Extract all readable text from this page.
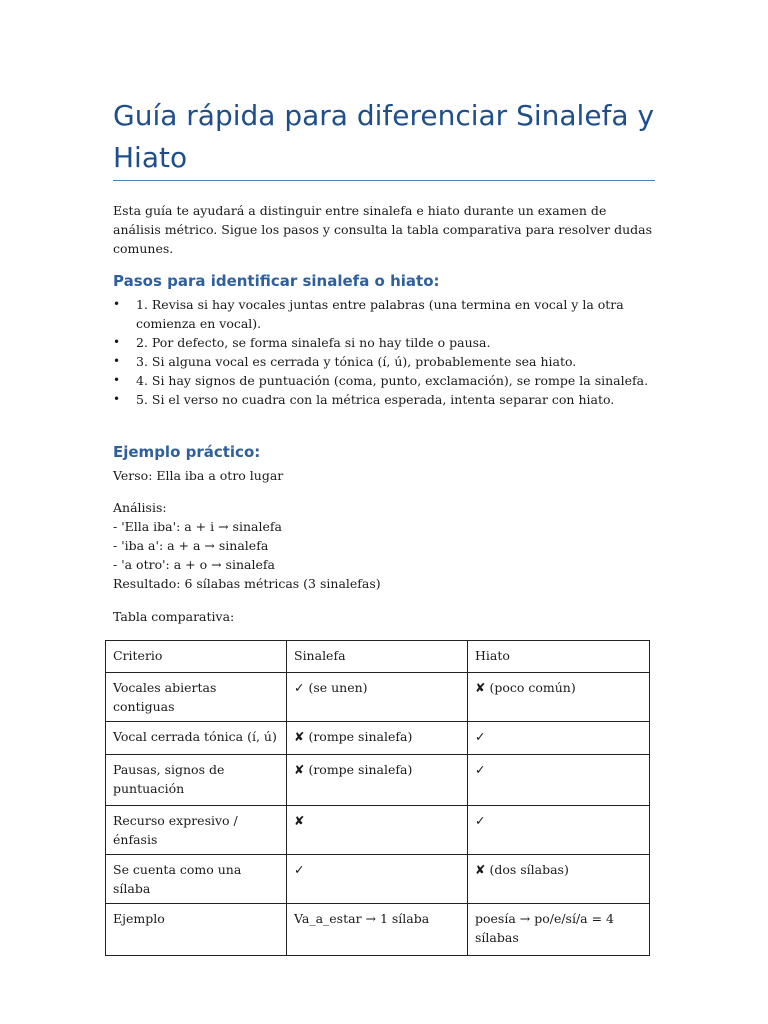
Guía rápida para diferenciar Sinalefa y Hiato

Esta guía te ayudará a distinguir entre sinalefa e hiato durante un examen de análisis métrico. Sigue los pasos y consulta la tabla comparativa para resolver dudas comunes.

Pasos para identificar sinalefa o hiato:
• 1. Revisa si hay vocales juntas entre palabras (una termina en vocal y la otra comienza en vocal).
• 2. Por defecto, se forma sinalefa si no hay tilde o pausa.
• 3. Si alguna vocal es cerrada y tónica (í, ú), probablemente sea hiato.
• 4. Si hay signos de puntuación (coma, punto, exclamación), se rompe la sinalefa.
• 5. Si el verso no cuadra con la métrica esperada, intenta separar con hiato.
Ejemplo práctico:

Verso: Ella iba a otro lugar

Análisis:
- 'Ella iba': a + i → sinalefa
- 'iba a': a + a → sinalefa
- 'a otro': a + o → sinalefa
Resultado: 6 sílabas métricas (3 sinalefas)

Tabla comparativa:

Criterio	Sinalefa	Hiato
Vocales abiertas contiguas	✓ (se unen)	✘ (poco común)
Vocal cerrada tónica (í, ú)	✘ (rompe sinalefa)	✓
Pausas, signos de puntuación	✘ (rompe sinalefa)	✓
Recurso expresivo / énfasis	✘	✓
Se cuenta como una sílaba	✓	✘ (dos sílabas)
Ejemplo	Va_a_estar → 1 sílaba	poesía → po/e/sí/a = 4 sílabas
